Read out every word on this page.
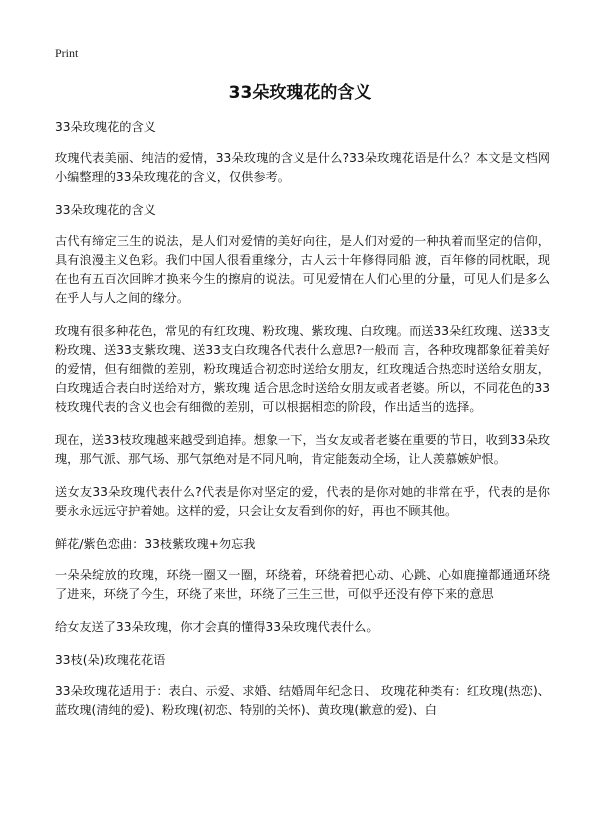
Print
33朵玫瑰花的含义

33朵玫瑰花的含义

玫瑰代表美丽、纯洁的爱情，33朵玫瑰的含义是什么?33朵玫瑰花语是什么？本文是文档网小编整理的33朵玫瑰花的含义，仅供参考。

33朵玫瑰花的含义

古代有缔定三生的说法，是人们对爱情的美好向往，是人们对爱的一种执着而坚定的信仰，具有浪漫主义色彩。我们中国人很看重缘分，古人云十年修得同船 渡，百年修的同枕眠，现在也有五百次回眸才换来今生的擦肩的说法。可见爱情在人们心里的分量，可见人们是多么在乎人与人之间的缘分。

玫瑰有很多种花色，常见的有红玫瑰、粉玫瑰、紫玫瑰、白玫瑰。而送33朵红玫瑰、送33支粉玫瑰、送33支紫玫瑰、送33支白玫瑰各代表什么意思?一般而 言，各种玫瑰都象征着美好的爱情，但有细微的差别，粉玫瑰适合初恋时送给女朋友，红玫瑰适合热恋时送给女朋友，白玫瑰适合表白时送给对方，紫玫瑰 适合思念时送给女朋友或者老婆。所以，不同花色的33枝玫瑰代表的含义也会有细微的差别，可以根据相恋的阶段，作出适当的选择。

现在，送33枝玫瑰越来越受到追捧。想象一下，当女友或者老婆在重要的节日，收到33朵玫瑰，那气派、那气场、那气氛绝对是不同凡响，肯定能轰动全场，让人羡慕嫉妒恨。

送女友33朵玫瑰代表什么?代表是你对坚定的爱，代表的是你对她的非常在乎，代表的是你要永永远远守护着她。这样的爱，只会让女友看到你的好，再也不顾其他。

鲜花/紫色恋曲：33枝紫玫瑰+勿忘我

一朵朵绽放的玫瑰，环绕一圈又一圈，环绕着，环绕着把心动、心跳、心如鹿撞都通通环绕了进来，环绕了今生，环绕了来世，环绕了三生三世，可似乎还没有停下来的意思

给女友送了33朵玫瑰，你才会真的懂得33朵玫瑰代表什么。

33枝(朵)玫瑰花花语

33朵玫瑰花适用于：表白、示爱、求婚、结婚周年纪念日、 玫瑰花种类有：红玫瑰(热恋)、蓝玫瑰(清纯的爱)、粉玫瑰(初恋、特别的关怀)、黄玫瑰(歉意的爱)、白
